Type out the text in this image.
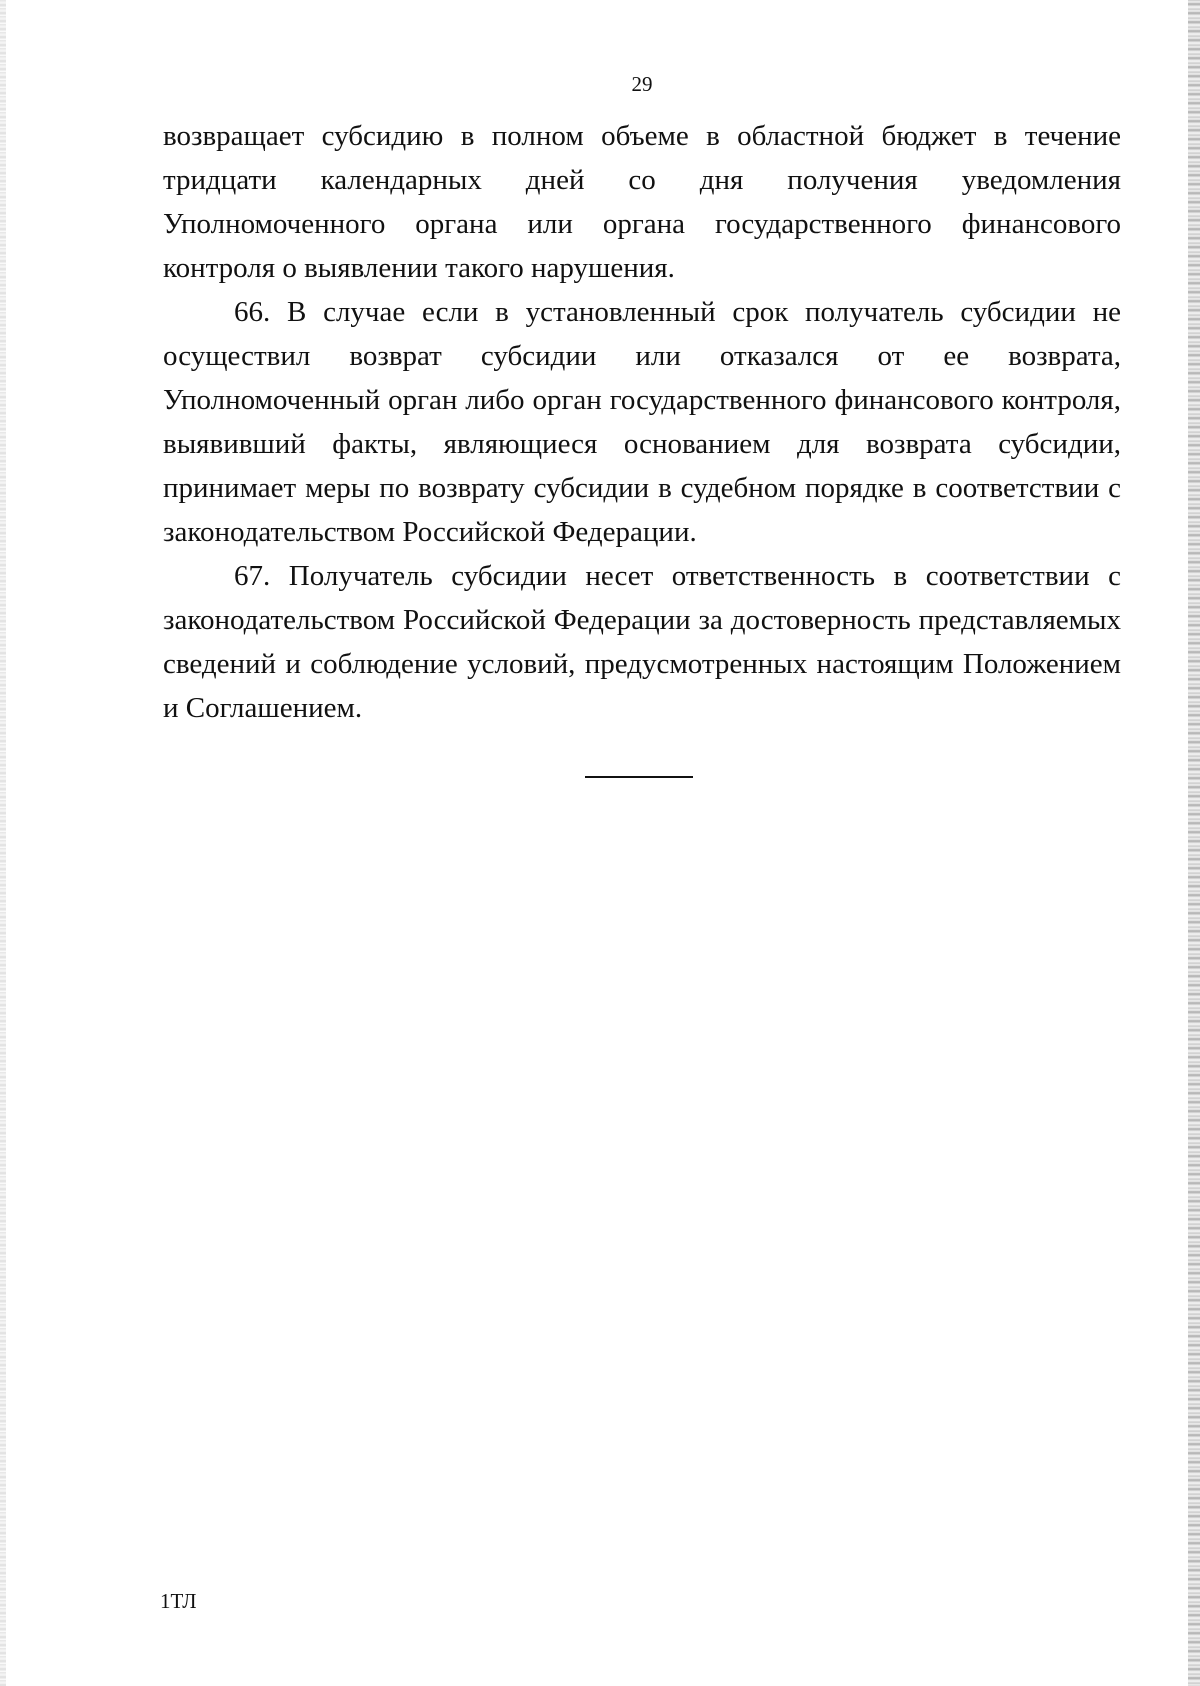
29

возвращает субсидию в полном объеме в областной бюджет в течение тридцати календарных дней со дня получения уведомления Уполномоченного органа или органа государственного финансового контроля о выявлении такого нарушения.

66. В случае если в установленный срок получатель субсидии не осуществил возврат субсидии или отказался от ее возврата, Уполномоченный орган либо орган государственного финансового контроля, выявивший факты, являющиеся основанием для возврата субсидии, принимает меры по возврату субсидии в судебном порядке в соответствии с законодательством Российской Федерации.

67. Получатель субсидии несет ответственность в соответствии с законодательством Российской Федерации за достоверность представляемых сведений и соблюдение условий, предусмотренных настоящим Положением и Соглашением.

1ТЛ
